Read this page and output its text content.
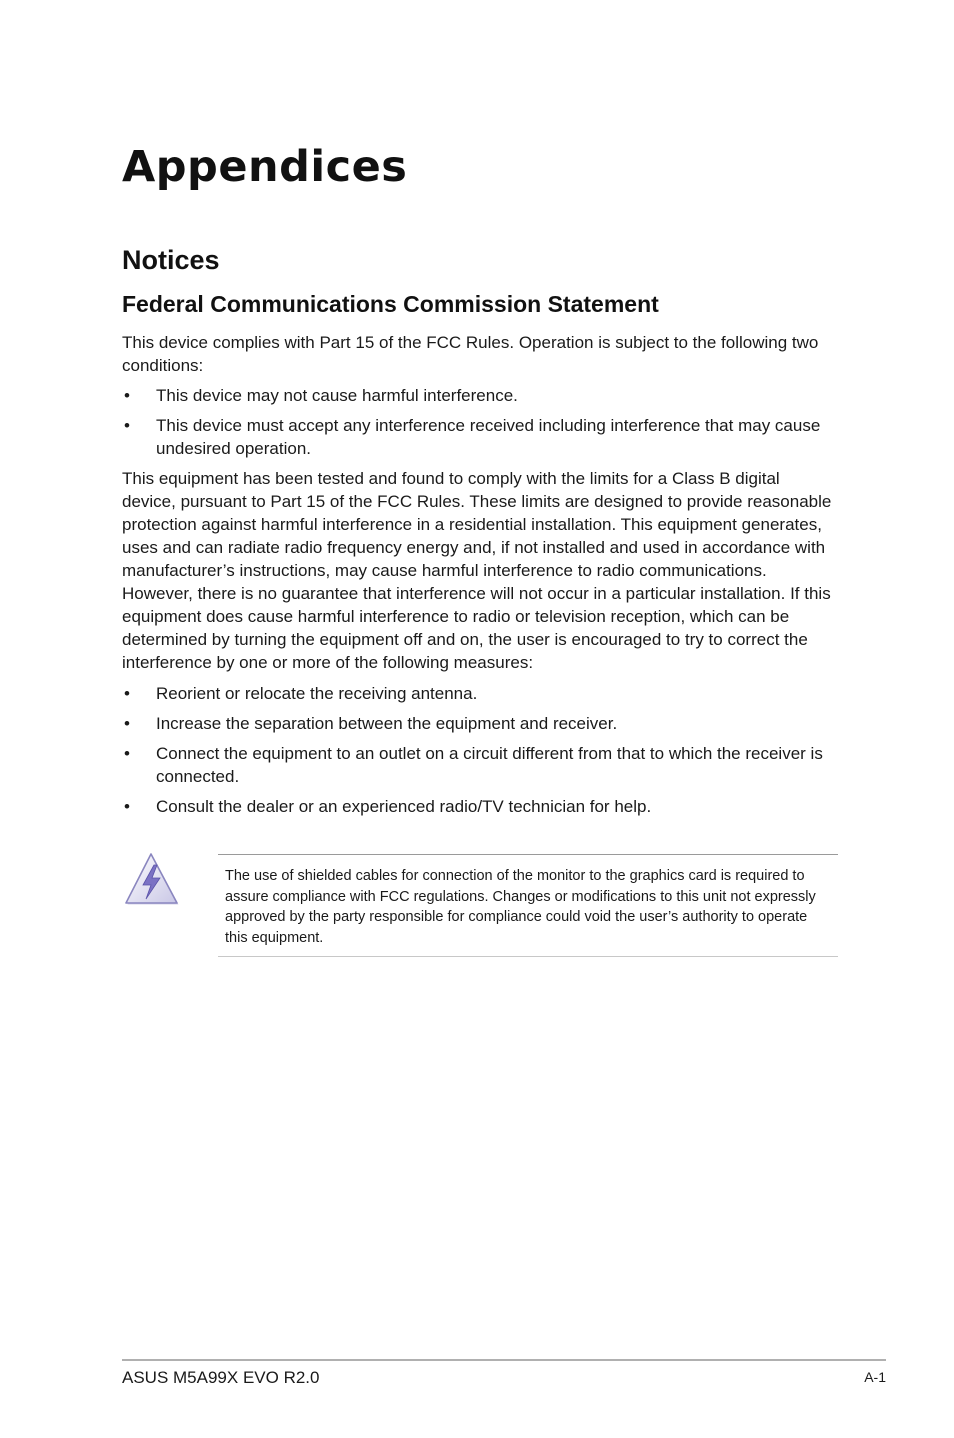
Appendices
Notices
Federal Communications Commission Statement

This device complies with Part 15 of the FCC Rules. Operation is subject to the following two conditions:

• This device may not cause harmful interference.
• This device must accept any interference received including interference that may cause undesired operation.

This equipment has been tested and found to comply with the limits for a Class B digital device, pursuant to Part 15 of the FCC Rules. These limits are designed to provide reasonable protection against harmful interference in a residential installation. This equipment generates, uses and can radiate radio frequency energy and, if not installed and used in accordance with manufacturer’s instructions, may cause harmful interference to radio communications. However, there is no guarantee that interference will not occur in a particular installation. If this equipment does cause harmful interference to radio or television reception, which can be determined by turning the equipment off and on, the user is encouraged to try to correct the interference by one or more of the following measures:

• Reorient or relocate the receiving antenna.
• Increase the separation between the equipment and receiver.
• Connect the equipment to an outlet on a circuit different from that to which the receiver is connected.
• Consult the dealer or an experienced radio/TV technician for help.

The use of shielded cables for connection of the monitor to the graphics card is required to assure compliance with FCC regulations. Changes or modifications to this unit not expressly approved by the party responsible for compliance could void the user’s authority to operate this equipment.

ASUS M5A99X EVO R2.0	A-1
